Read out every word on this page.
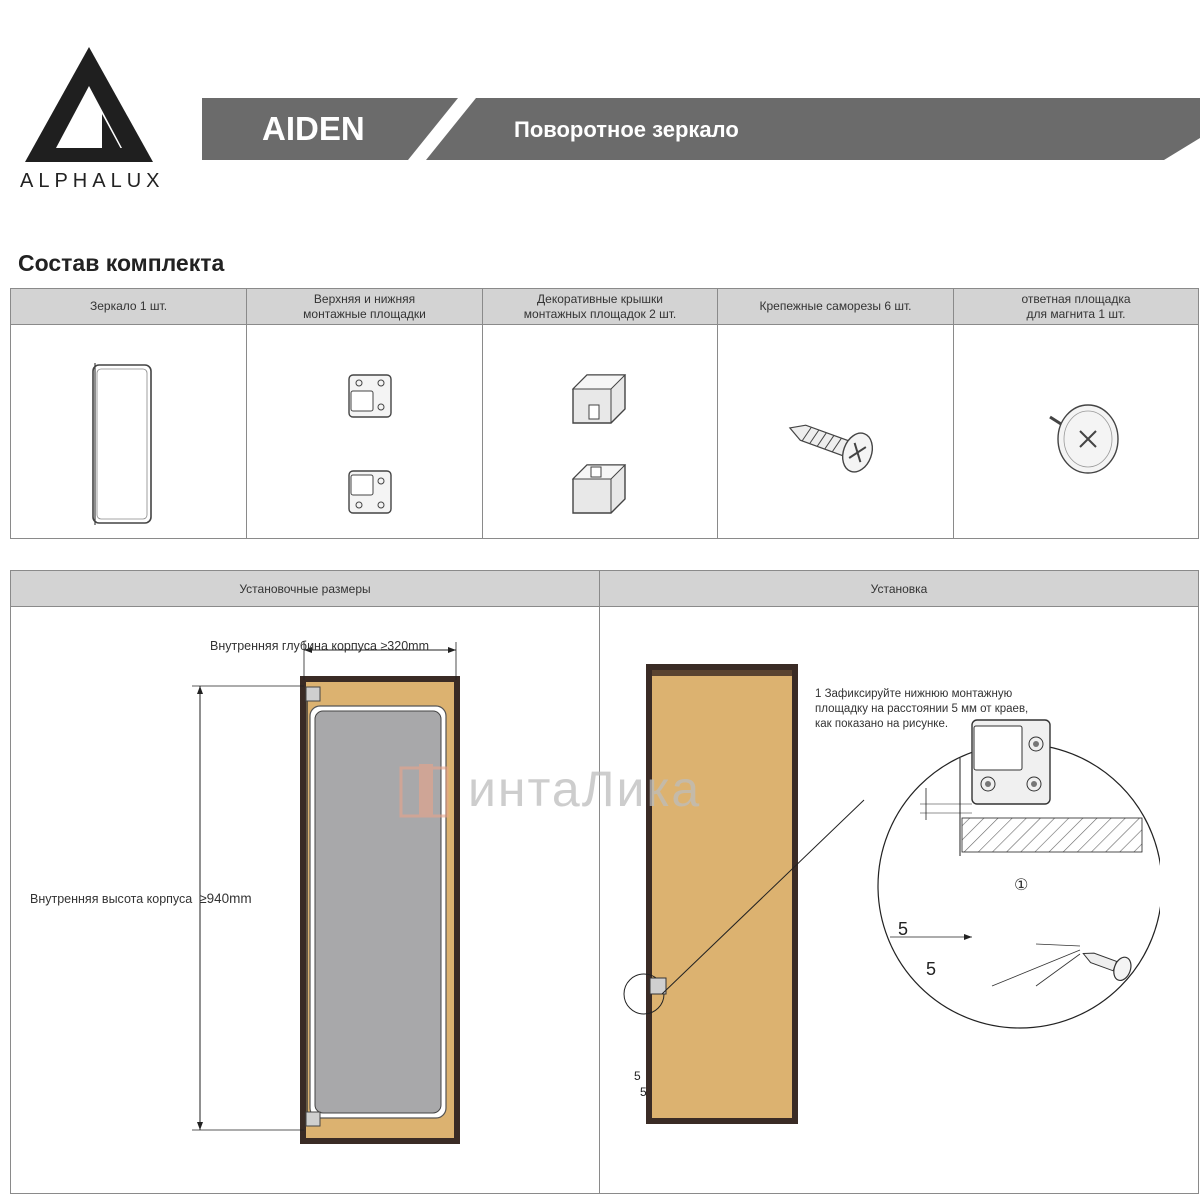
ALPHALUX
AIDEN	Поворотное зеркало
Состав комплекта
Зеркало 1 шт.
Верхняя и нижняя
монтажные площадки
Декоративные крышки
монтажных площадок 2 шт.
Крепежные саморезы 6 шт.
ответная площадка
для магнита 1 шт.
Установочные размеры	Установка
Внутренняя глубина корпуса ≥320mm
Внутренняя высота корпуса ≥940mm
①
5
5
5
5
1 Зафиксируйте нижнюю монтажную
площадку на расстоянии 5 мм от краев,
как показано на рисунке.
интаЛика
